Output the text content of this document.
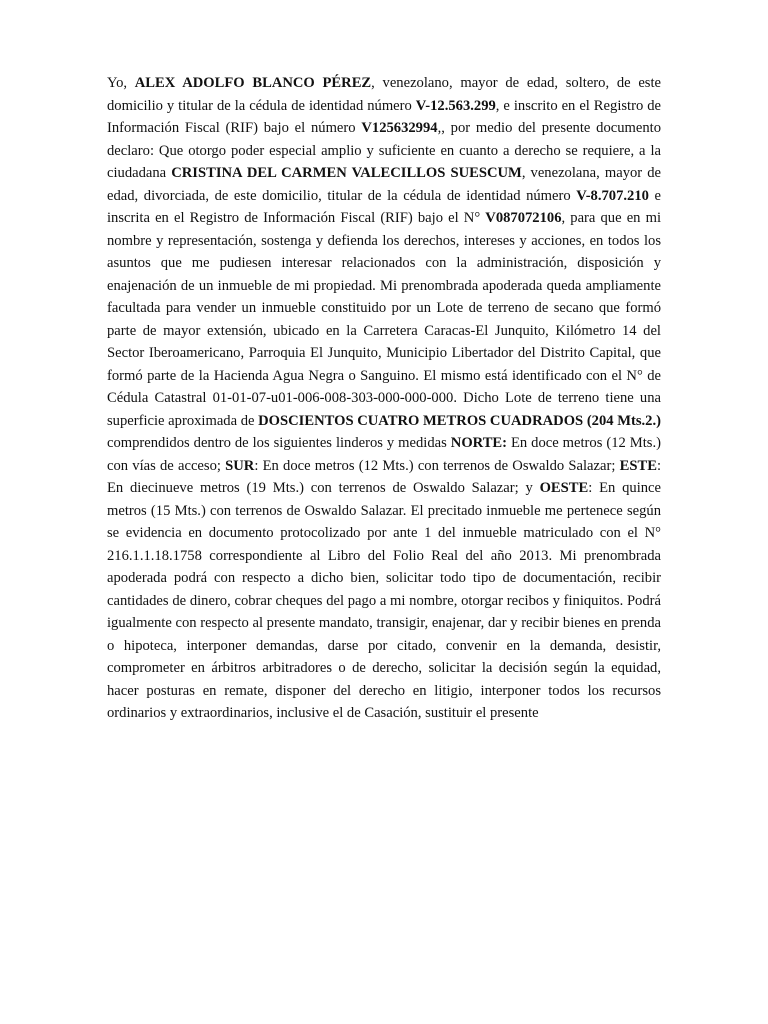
Yo, ALEX ADOLFO BLANCO PÉREZ, venezolano, mayor de edad, soltero, de este domicilio y titular de la cédula de identidad número V-12.563.299, e inscrito en el Registro de Información Fiscal (RIF) bajo el número V125632994,, por medio del presente documento declaro: Que otorgo poder especial amplio y suficiente en cuanto a derecho se requiere, a la ciudadana CRISTINA DEL CARMEN VALECILLOS SUESCUM, venezolana, mayor de edad, divorciada, de este domicilio, titular de la cédula de identidad número V-8.707.210 e inscrita en el Registro de Información Fiscal (RIF) bajo el N° V087072106, para que en mi nombre y representación, sostenga y defienda los derechos, intereses y acciones, en todos los asuntos que me pudiesen interesar relacionados con la administración, disposición y enajenación de un inmueble de mi propiedad. Mi prenombrada apoderada queda ampliamente facultada para vender un inmueble constituido por un Lote de terreno de secano que formó parte de mayor extensión, ubicado en la Carretera Caracas-El Junquito, Kilómetro 14 del Sector Iberoamericano, Parroquia El Junquito, Municipio Libertador del Distrito Capital, que formó parte de la Hacienda Agua Negra o Sanguino. El mismo está identificado con el N° de Cédula Catastral 01-01-07-u01-006-008-303-000-000-000. Dicho Lote de terreno tiene una superficie aproximada de DOSCIENTOS CUATRO METROS CUADRADOS (204 Mts.2.) comprendidos dentro de los siguientes linderos y medidas NORTE: En doce metros (12 Mts.) con vías de acceso; SUR: En doce metros (12 Mts.) con terrenos de Oswaldo Salazar; ESTE: En diecinueve metros (19 Mts.) con terrenos de Oswaldo Salazar; y OESTE: En quince metros (15 Mts.) con terrenos de Oswaldo Salazar. El precitado inmueble me pertenece según se evidencia en documento protocolizado por ante 1 del inmueble matriculado con el N° 216.1.1.18.1758 correspondiente al Libro del Folio Real del año 2013. Mi prenombrada apoderada podrá con respecto a dicho bien, solicitar todo tipo de documentación, recibir cantidades de dinero, cobrar cheques del pago a mi nombre, otorgar recibos y finiquitos. Podrá igualmente con respecto al presente mandato, transigir, enajenar, dar y recibir bienes en prenda o hipoteca, interponer demandas, darse por citado, convenir en la demanda, desistir, comprometer en árbitros arbitradores o de derecho, solicitar la decisión según la equidad, hacer posturas en remate, disponer del derecho en litigio, interponer todos los recursos ordinarios y extraordinarios, inclusive el de Casación, sustituir el presente
